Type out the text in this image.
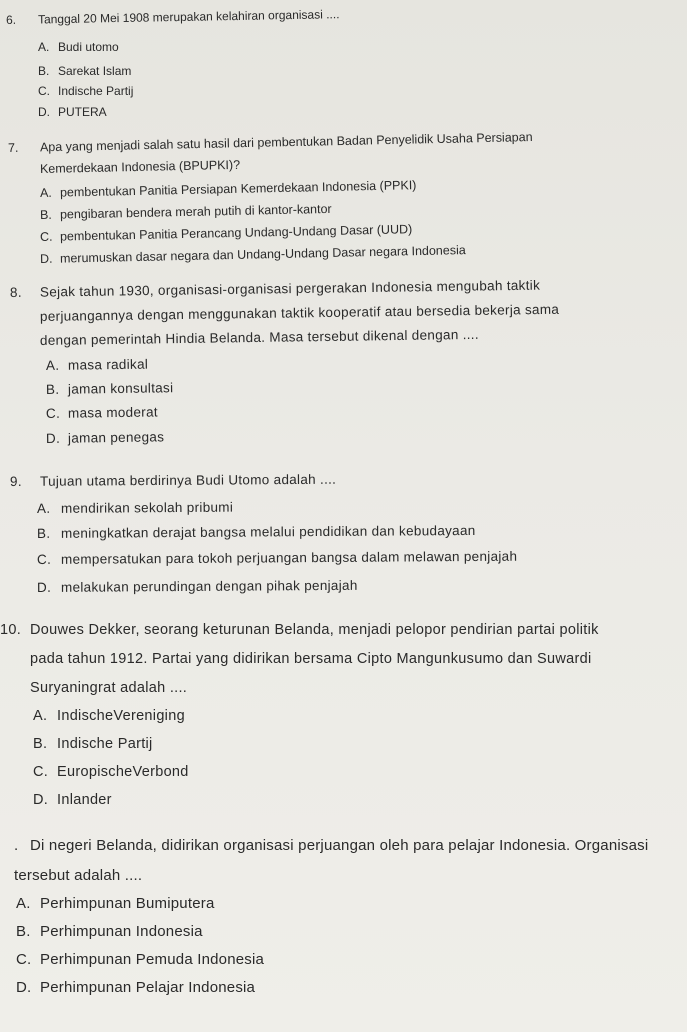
6. Tanggal 20 Mei 1908 merupakan kelahiran organisasi ....
A. Budi utomo
B. Sarekat Islam
C. Indische Partij
D. PUTERA
7. Apa yang menjadi salah satu hasil dari pembentukan Badan Penyelidik Usaha Persiapan
Kemerdekaan Indonesia (BPUPKI)?
A. pembentukan Panitia Persiapan Kemerdekaan Indonesia (PPKI)
B. pengibaran bendera merah putih di kantor-kantor
C. pembentukan Panitia Perancang Undang-Undang Dasar (UUD)
D. merumuskan dasar negara dan Undang-Undang Dasar negara Indonesia
8. Sejak tahun 1930, organisasi-organisasi pergerakan Indonesia mengubah taktik
perjuangannya dengan menggunakan taktik kooperatif atau bersedia bekerja sama
dengan pemerintah Hindia Belanda. Masa tersebut dikenal dengan ....
A. masa radikal
B. jaman konsultasi
C. masa moderat
D. jaman penegas
9. Tujuan utama berdirinya Budi Utomo adalah ....
A. mendirikan sekolah pribumi
B. meningkatkan derajat bangsa melalui pendidikan dan kebudayaan
C. mempersatukan para tokoh perjuangan bangsa dalam melawan penjajah
D. melakukan perundingan dengan pihak penjajah
10. Douwes Dekker, seorang keturunan Belanda, menjadi pelopor pendirian partai politik
pada tahun 1912. Partai yang didirikan bersama Cipto Mangunkusumo dan Suwardi
Suryaningrat adalah ....
A. IndischeVereniging
B. Indische Partij
C. EuropischeVerbond
D. Inlander
. Di negeri Belanda, didirikan organisasi perjuangan oleh para pelajar Indonesia. Organisasi
tersebut adalah ....
A. Perhimpunan Bumiputera
B. Perhimpunan Indonesia
C. Perhimpunan Pemuda Indonesia
D. Perhimpunan Pelajar Indonesia
